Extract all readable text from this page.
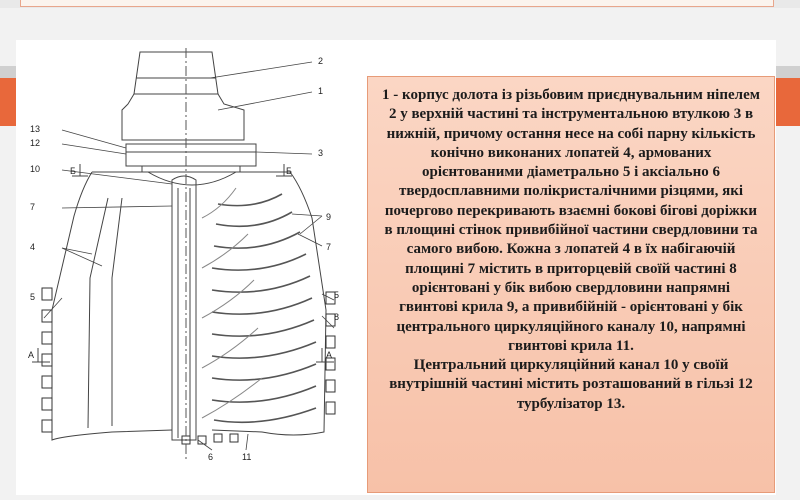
2
1
3
13
12
Б	Б
10
7
4
5
А	А
9
7
5
8
6	11

1 - корпус долота із різьбовим приєднувальним ніпелем 2 у верхній частині та інструментальною втулкою 3 в нижній, причому остання несе на собі парну кількість конічно виконаних лопатей 4, армованих орієнтованими діаметрально 5 і аксіально 6 твердосплавними полікристалічними різцями, які почергово перекривають взаємні бокові бігові доріжки в площині стінок привибійної частини свердловини та самого вибою. Кожна з лопатей 4 в їх набігаючій площині 7 містить в приторцевій своїй частині 8 орієнтовані у бік вибою свердловини напрямні гвинтові крила 9, а привибійній - орієнтовані у бік центрального циркуляційного каналу 10, напрямні гвинтові крила 11.

Центральний циркуляційний канал 10 у своїй внутрішній частині містить розташований в гільзі 12 турбулізатор 13.
